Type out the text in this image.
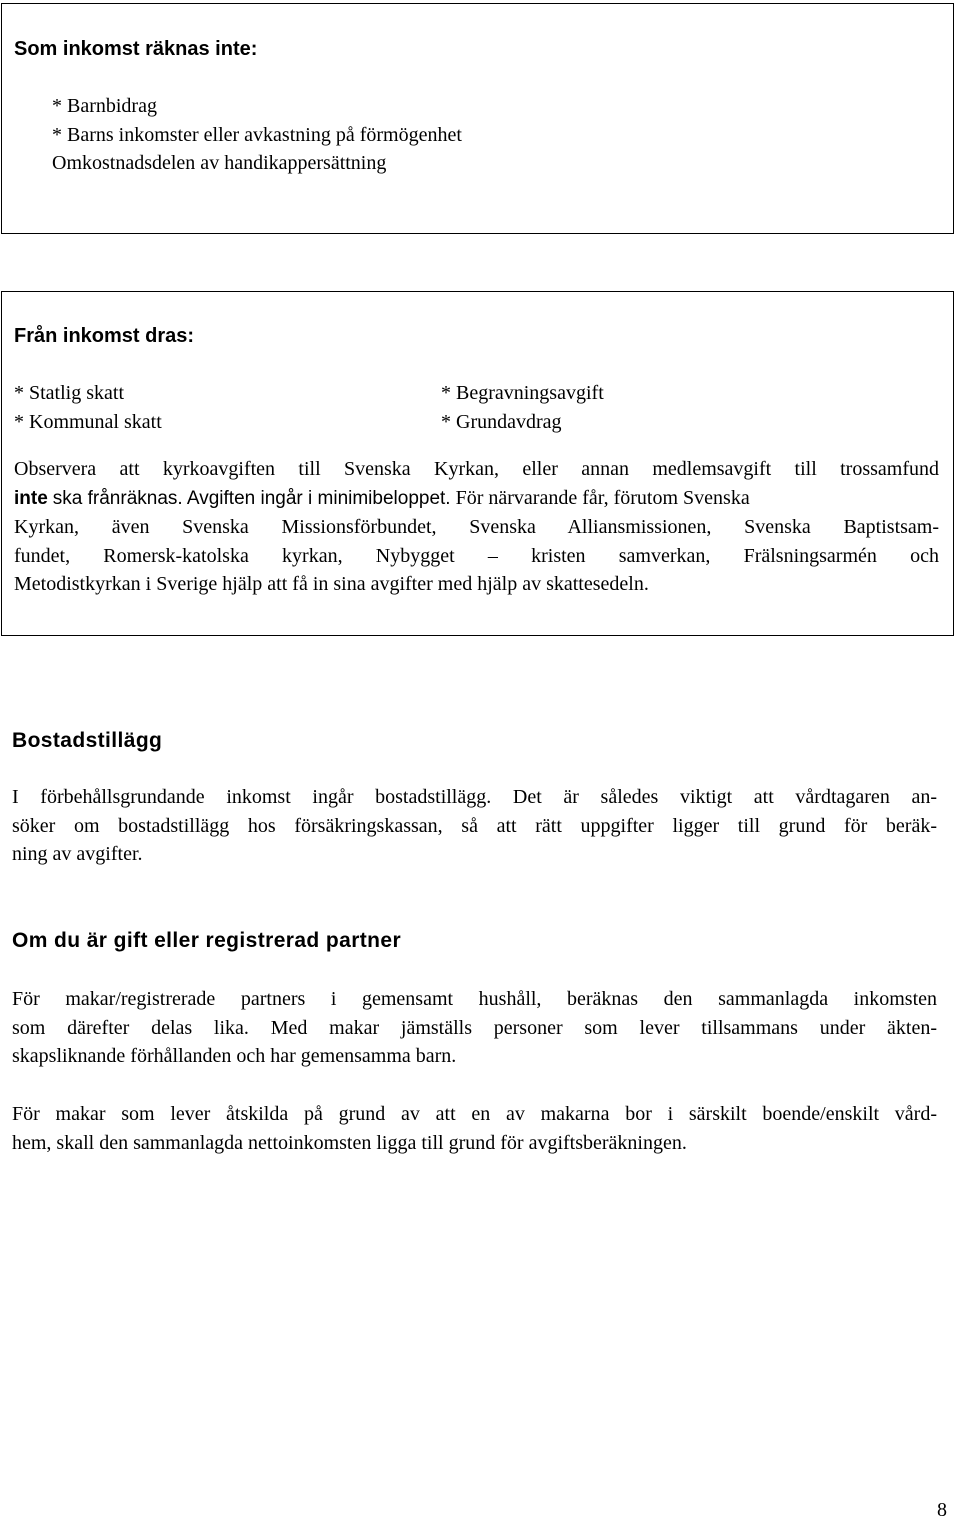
Som inkomst räknas inte:
* Barnbidrag
* Barns inkomster eller avkastning på förmögenhet
Omkostnadsdelen av handikappersättning
Från inkomst dras:
* Statlig skatt
* Kommunal skatt
* Begravningsavgift
* Grundavdrag
Observera att kyrkoavgiften till Svenska Kyrkan, eller annan medlemsavgift till trossamfund
inte ska frånräknas. Avgiften ingår i minimibeloppet. För närvarande får, förutom Svenska
Kyrkan, även Svenska Missionsförbundet, Svenska Alliansmissionen, Svenska Baptistsam-
fundet, Romersk-katolska kyrkan, Nybygget – kristen samverkan, Frälsningsarmén och
Metodistkyrkan i Sverige hjälp att få in sina avgifter med hjälp av skattesedeln.
Bostadstillägg
I förbehållsgrundande inkomst ingår bostadstillägg. Det är således viktigt att vårdtagaren an-
söker om bostadstillägg hos försäkringskassan, så att rätt uppgifter ligger till grund för beräk-
ning av avgifter.
Om du är gift eller registrerad partner
För makar/registrerade partners i gemensamt hushåll, beräknas den sammanlagda inkomsten
som därefter delas lika. Med makar jämställs personer som lever tillsammans under äkten-
skapsliknande förhållanden och har gemensamma barn.
För makar som lever åtskilda på grund av att en av makarna bor i särskilt boende/enskilt vård-
hem, skall den sammanlagda nettoinkomsten ligga till grund för avgiftsberäkningen.
8
